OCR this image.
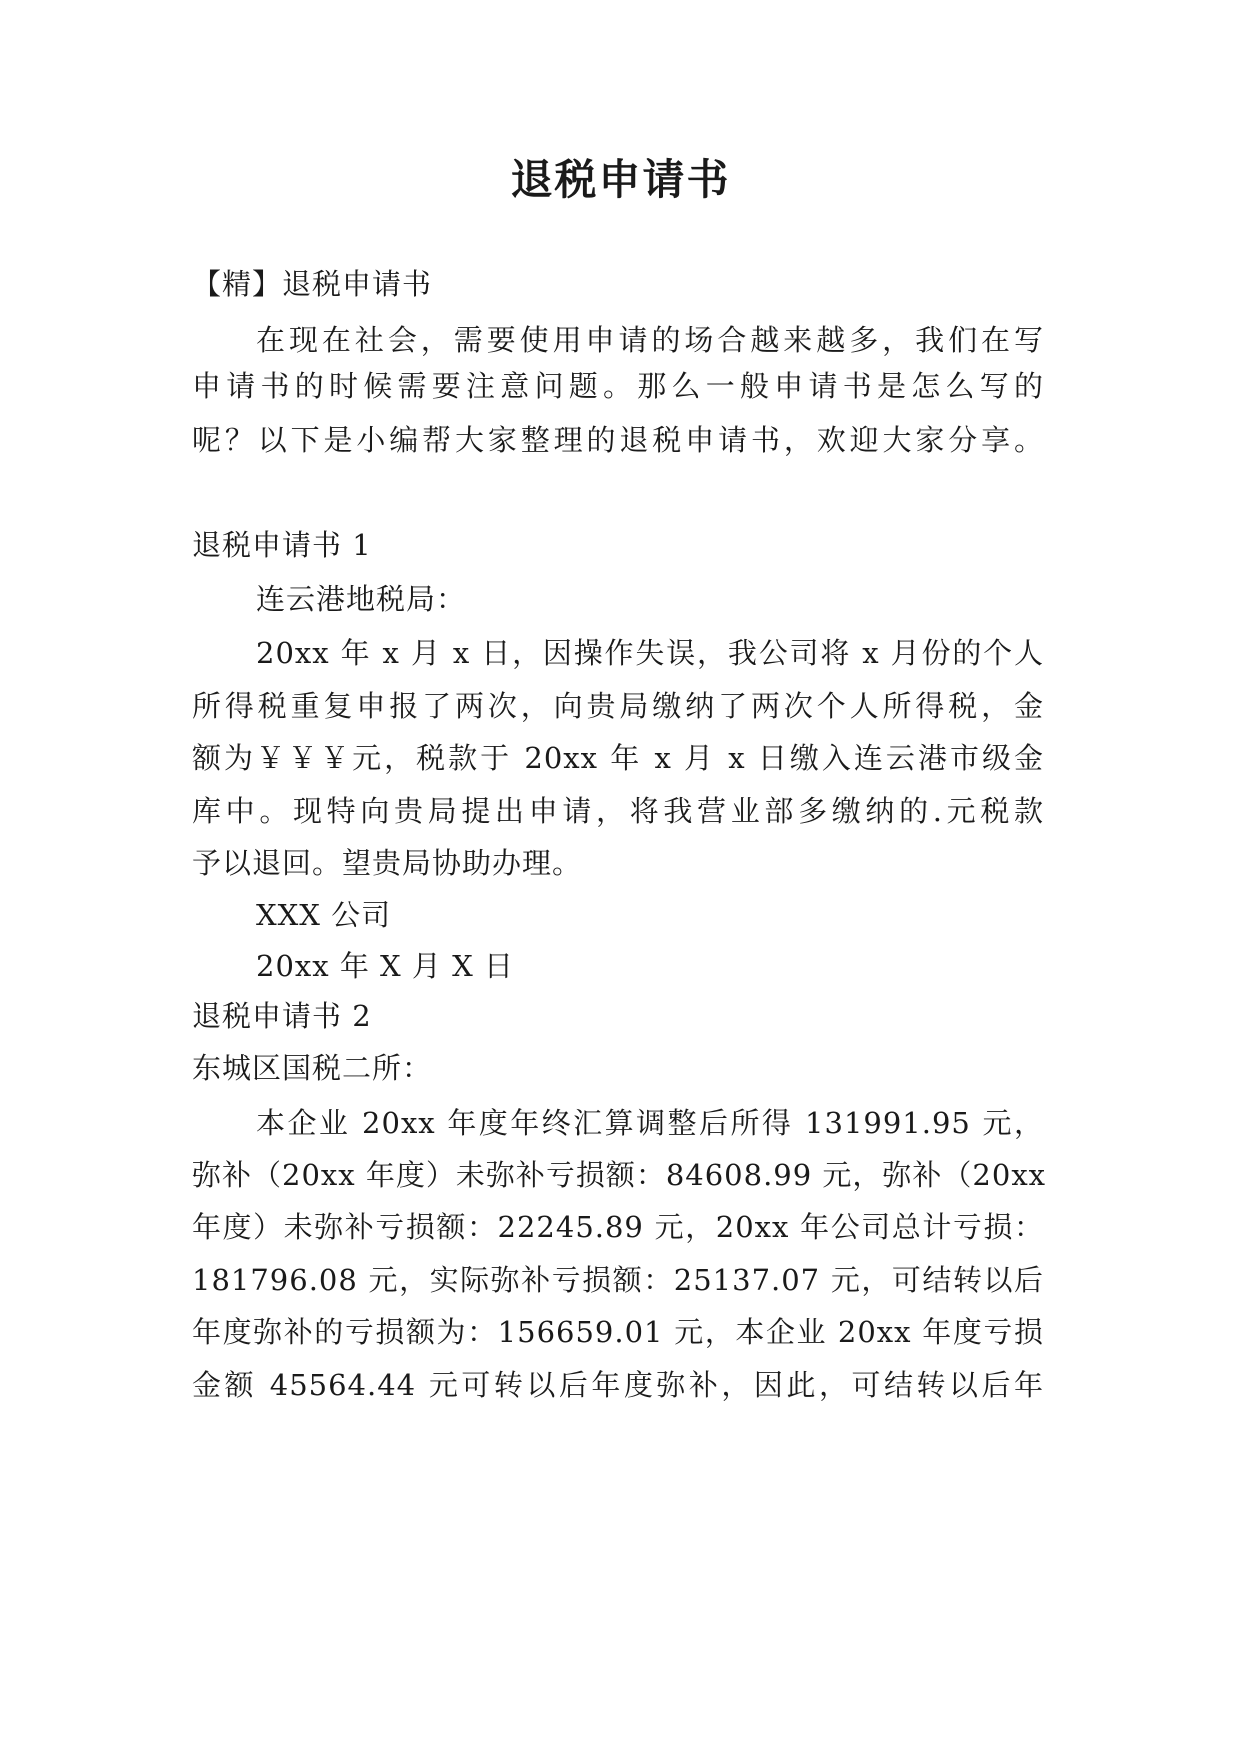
退税申请书
【精】退税申请书
在现在社会，需要使用申请的场合越来越多，我们在写
申请书的时候需要注意问题。那么一般申请书是怎么写的
呢？以下是小编帮大家整理的退税申请书，欢迎大家分享。
退税申请书 1
连云港地税局：
20xx 年 x 月 x 日，因操作失误，我公司将 x 月份的个人
所得税重复申报了两次，向贵局缴纳了两次个人所得税，金
额为￥￥￥元，税款于 20xx 年 x 月 x 日缴入连云港市级金
库中。现特向贵局提出申请，将我营业部多缴纳的.元税款
予以退回。望贵局协助办理。
XXX 公司
20xx 年 X 月 X 日
退税申请书 2
东城区国税二所：
本企业 20xx 年度年终汇算调整后所得 131991.95 元，
弥补（20xx 年度）未弥补亏损额：84608.99 元，弥补（20xx
年度）未弥补亏损额：22245.89 元，20xx 年公司总计亏损：
181796.08 元，实际弥补亏损额：25137.07 元，可结转以后
年度弥补的亏损额为：156659.01 元，本企业 20xx 年度亏损
金额 45564.44 元可转以后年度弥补，因此，可结转以后年
